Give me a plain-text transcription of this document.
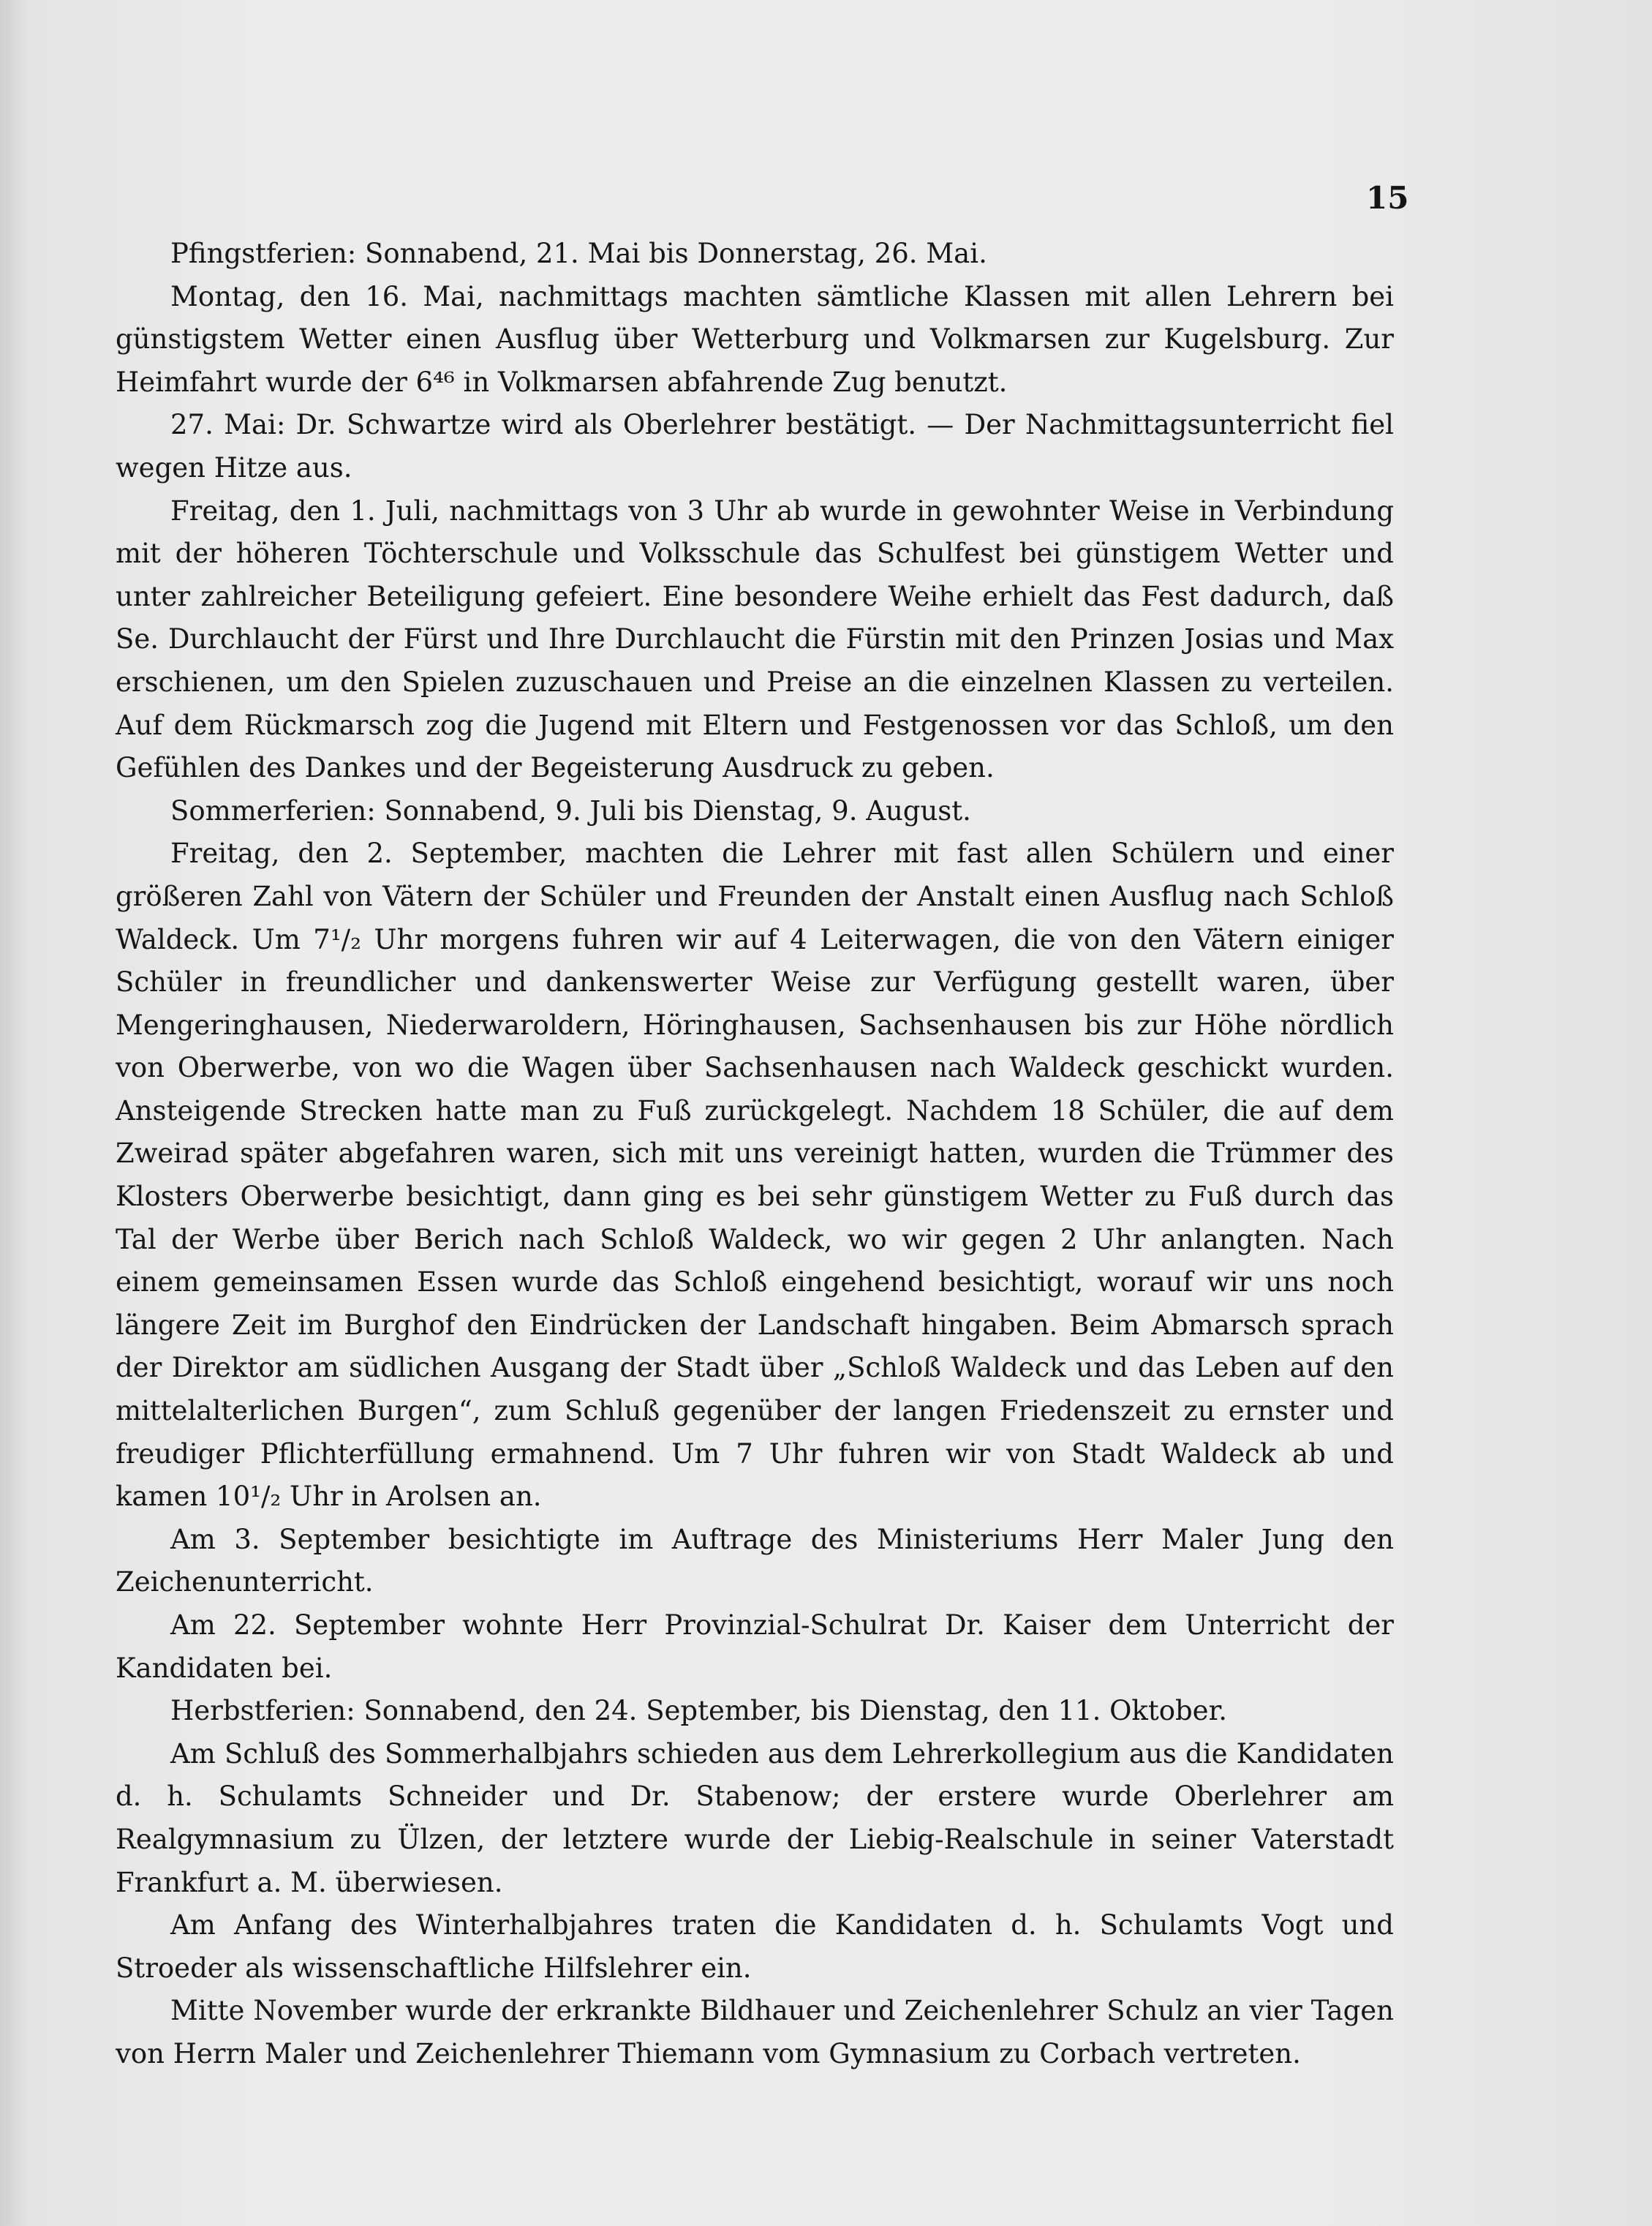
15

Pfingstferien: Sonnabend, 21. Mai bis Donnerstag, 26. Mai.

Montag, den 16. Mai, nachmittags machten sämtliche Klassen mit allen Lehrern bei günstigstem Wetter einen Ausflug über Wetterburg und Volkmarsen zur Kugelsburg. Zur Heimfahrt wurde der 6⁴⁶ in Volkmarsen abfahrende Zug benutzt.

27. Mai: Dr. Schwartze wird als Oberlehrer bestätigt. — Der Nachmittagsunterricht fiel wegen Hitze aus.

Freitag, den 1. Juli, nachmittags von 3 Uhr ab wurde in gewohnter Weise in Verbindung mit der höheren Töchterschule und Volksschule das Schulfest bei günstigem Wetter und unter zahlreicher Beteiligung gefeiert. Eine besondere Weihe erhielt das Fest dadurch, daß Se. Durchlaucht der Fürst und Ihre Durchlaucht die Fürstin mit den Prinzen Josias und Max erschienen, um den Spielen zuzuschauen und Preise an die einzelnen Klassen zu verteilen. Auf dem Rückmarsch zog die Jugend mit Eltern und Festgenossen vor das Schloß, um den Gefühlen des Dankes und der Begeisterung Ausdruck zu geben.

Sommerferien: Sonnabend, 9. Juli bis Dienstag, 9. August.

Freitag, den 2. September, machten die Lehrer mit fast allen Schülern und einer größeren Zahl von Vätern der Schüler und Freunden der Anstalt einen Ausflug nach Schloß Waldeck. Um 7¹/₂ Uhr morgens fuhren wir auf 4 Leiterwagen, die von den Vätern einiger Schüler in freundlicher und dankenswerter Weise zur Verfügung gestellt waren, über Mengeringhausen, Niederwaroldern, Höringhausen, Sachsenhausen bis zur Höhe nördlich von Oberwerbe, von wo die Wagen über Sachsenhausen nach Waldeck geschickt wurden. Ansteigende Strecken hatte man zu Fuß zurückgelegt. Nachdem 18 Schüler, die auf dem Zweirad später abgefahren waren, sich mit uns vereinigt hatten, wurden die Trümmer des Klosters Oberwerbe besichtigt, dann ging es bei sehr günstigem Wetter zu Fuß durch das Tal der Werbe über Berich nach Schloß Waldeck, wo wir gegen 2 Uhr anlangten. Nach einem gemeinsamen Essen wurde das Schloß eingehend besichtigt, worauf wir uns noch längere Zeit im Burghof den Eindrücken der Landschaft hingaben. Beim Abmarsch sprach der Direktor am südlichen Ausgang der Stadt über „Schloß Waldeck und das Leben auf den mittelalterlichen Burgen“, zum Schluß gegenüber der langen Friedenszeit zu ernster und freudiger Pflichterfüllung ermahnend. Um 7 Uhr fuhren wir von Stadt Waldeck ab und kamen 10¹/₂ Uhr in Arolsen an.

Am 3. September besichtigte im Auftrage des Ministeriums Herr Maler Jung den Zeichenunterricht.

Am 22. September wohnte Herr Provinzial-Schulrat Dr. Kaiser dem Unterricht der Kandidaten bei.

Herbstferien: Sonnabend, den 24. September, bis Dienstag, den 11. Oktober.

Am Schluß des Sommerhalbjahrs schieden aus dem Lehrerkollegium aus die Kandidaten d. h. Schulamts Schneider und Dr. Stabenow; der erstere wurde Oberlehrer am Realgymnasium zu Ülzen, der letztere wurde der Liebig-Realschule in seiner Vaterstadt Frankfurt a. M. überwiesen.

Am Anfang des Winterhalbjahres traten die Kandidaten d. h. Schulamts Vogt und Stroeder als wissenschaftliche Hilfslehrer ein.

Mitte November wurde der erkrankte Bildhauer und Zeichenlehrer Schulz an vier Tagen von Herrn Maler und Zeichenlehrer Thiemann vom Gymnasium zu Corbach vertreten.
